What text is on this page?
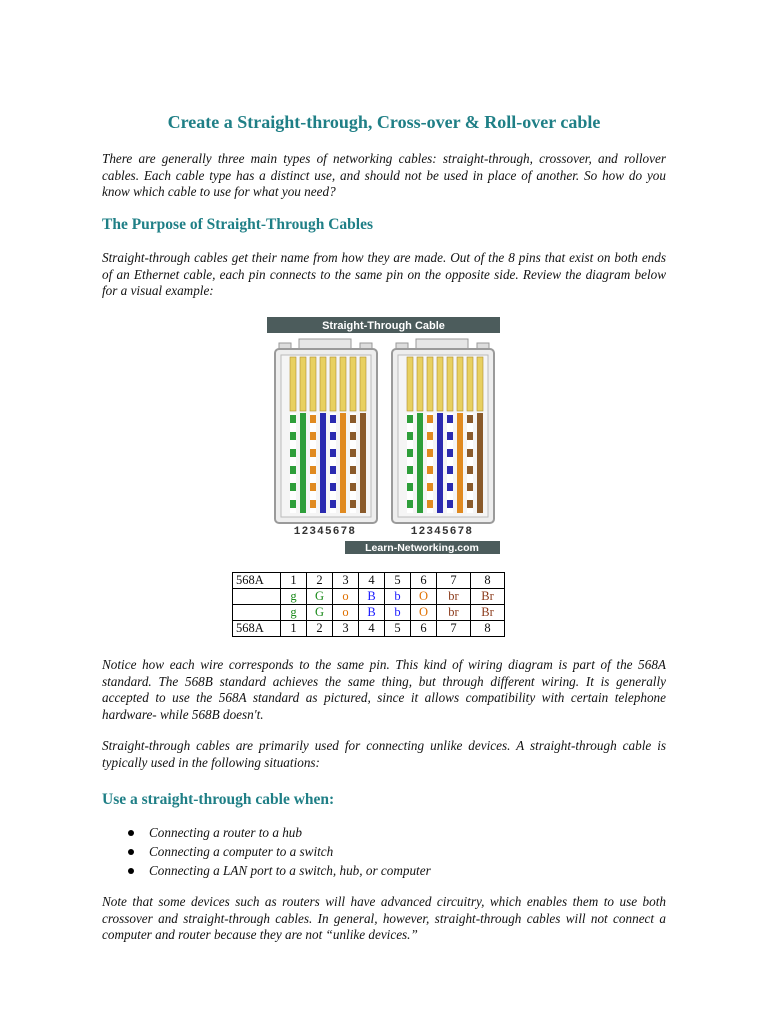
Create a Straight-through, Cross-over & Roll-over cable
There are generally three main types of networking cables: straight-through, crossover, and rollover cables. Each cable type has a distinct use, and should not be used in place of another. So how do you know which cable to use for what you need?
The Purpose of Straight-Through Cables
Straight-through cables get their name from how they are made. Out of the 8 pins that exist on both ends of an Ethernet cable, each pin connects to the same pin on the opposite side. Review the diagram below for a visual example:
Straight-Through Cable
12345678	12345678
Learn-Networking.com
568A	1	2	3	4	5	6	7	8
	g	G	o	B	b	O	br	Br
	g	G	o	B	b	O	br	Br
568A	1	2	3	4	5	6	7	8
Notice how each wire corresponds to the same pin. This kind of wiring diagram is part of the 568A standard. The 568B standard achieves the same thing, but through different wiring. It is generally accepted to use the 568A standard as pictured, since it allows compatibility with certain telephone hardware- while 568B doesn't.
Straight-through cables are primarily used for connecting unlike devices. A straight-through cable is typically used in the following situations:
Use a straight-through cable when:
Connecting a router to a hub
Connecting a computer to a switch
Connecting a LAN port to a switch, hub, or computer
Note that some devices such as routers will have advanced circuitry, which enables them to use both crossover and straight-through cables. In general, however, straight-through cables will not connect a computer and router because they are not “unlike devices.”
